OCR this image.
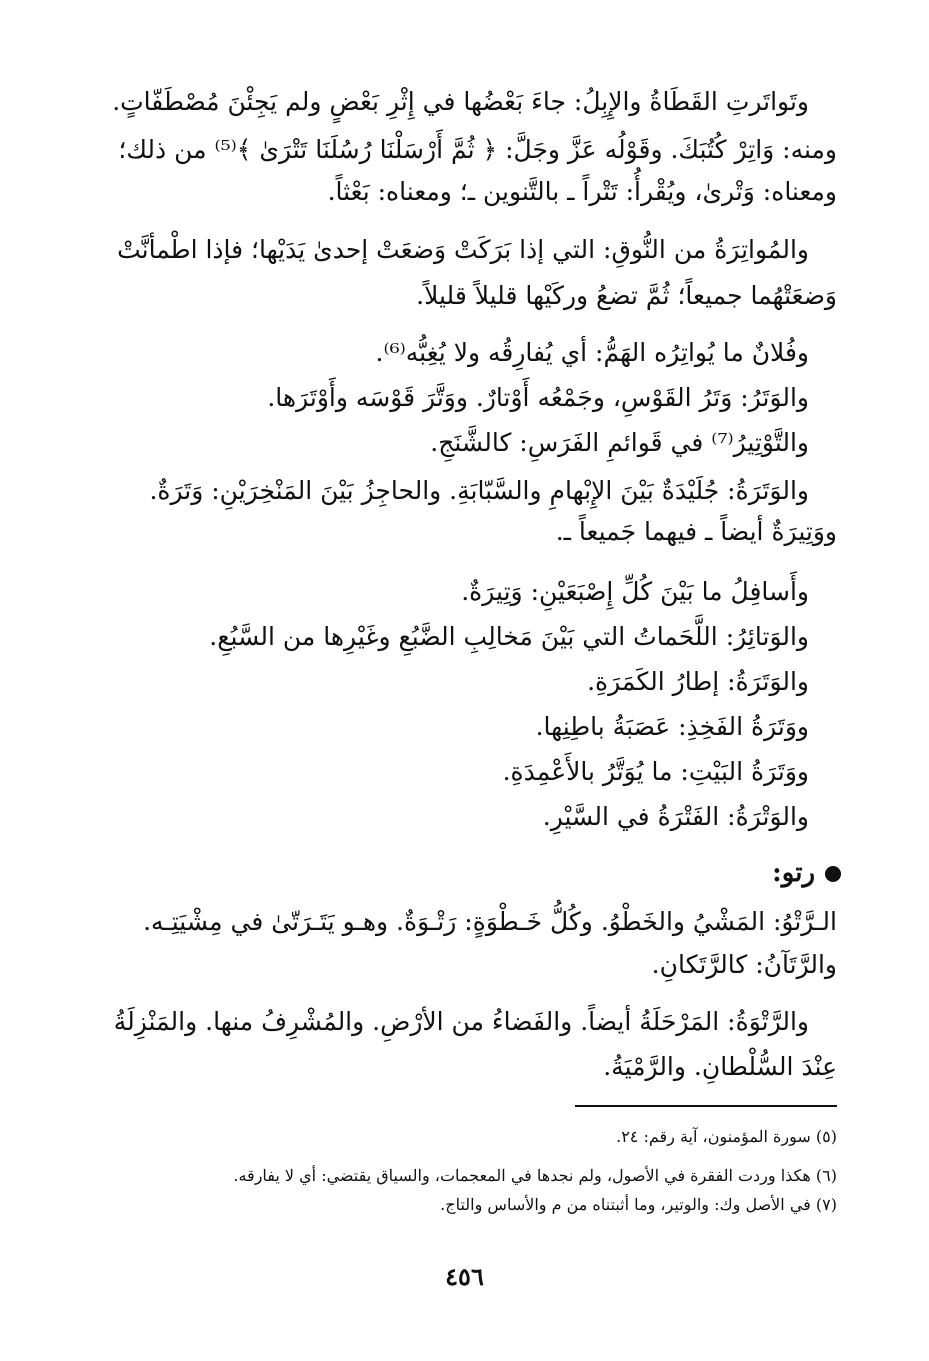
وتَواتَرتِ القَطَاةُ والإِبِلُ: جاءَ بَعْضُها في إِثْرِ بَعْضٍ ولم يَجِئْنَ مُصْطَفّاتٍ.
ومنه: وَاتِرْ كُتُبَكَ. وقَوْلُه عَزَّ وجَلَّ: ﴿ ثُمَّ أَرْسَلْنَا رُسُلَنَا تَتْرَىٰ ﴾⁽⁵⁾ من ذلك؛
ومعناه: وَتْرىٰ، ويُقْرأُ: تَتْراً ـ بالتَّنوين ـ؛ ومعناه: بَعْثاً.
والمُواتِرَةُ من النُّوقِ: التي إذا بَرَكَتْ وَضعَتْ إحدىٰ يَدَيْها؛ فإذا اطْمأنَّتْ
وَضعَتْهُما جميعاً؛ ثُمَّ تضعُ وركَيْها قليلاً قليلاً.
وفُلانٌ ما يُواتِرُه الهَمُّ: أي يُفارِقُه ولا يُغِبُّه⁽⁶⁾.
والوَتَرُ: وَتَرُ القَوْسِ، وجَمْعُه أَوْتارٌ. ووَتَّرَ قَوْسَه وأَوْتَرَها.
والتَّوْتِيرُ⁽⁷⁾ في قَوائمِ الفَرَسِ: كالشَّنَجِ.
والوَتَرَةُ: جُلَيْدَةٌ بَيْنَ الإِبْهامِ والسَّبّابَةِ. والحاجِزُ بَيْنَ المَنْخِرَيْنِ: وَتَرَةٌ.
ووَتِيرَةٌ أيضاً ـ فيهما جَميعاً ـ.
وأَسافِلُ ما بَيْنَ كُلِّ إِصْبَعَيْنِ: وَتِيرَةٌ.
والوَتائِرُ: اللَّحَماتُ التي بَيْنَ مَخالِبِ الضَّبُعِ وغَيْرِها من السَّبُعِ.
والوَتَرَةُ: إطارُ الكَمَرَةِ.
ووَتَرَةُ الفَخِذِ: عَصَبَةُ باطِنِها.
ووَتَرَةُ البَيْتِ: ما يُوَتَّرُ بالأَعْمِدَةِ.
والوَتْرَةُ: الفَتْرَةُ في السَّيْرِ.
رتو:
الـرَّتْوُ: المَشْيُ والخَطْوُ. وكُلُّ خَـطْوَةٍ: رَتْـوَةٌ. وهـو يَتَـرَتّىٰ في مِشْيَتِـه.
والرَّتَآنُ: كالرَّتَكانِ.
والرَّتْوَةُ: المَرْحَلَةُ أيضاً. والفَضاءُ من الأرْضِ. والمُشْرِفُ منها. والمَنْزِلَةُ
عِنْدَ السُّلْطانِ. والرَّمْيَةُ.
(٥) سورة المؤمنون، آية رقم: ٢٤.
(٦) هكذا وردت الفقرة في الأصول، ولم نجدها في المعجمات، والسياق يقتضي: أي لا يفارقه.
(٧) في الأصل وك: والوتير، وما أثبتناه من م والأساس والتاج.
٤٥٦
